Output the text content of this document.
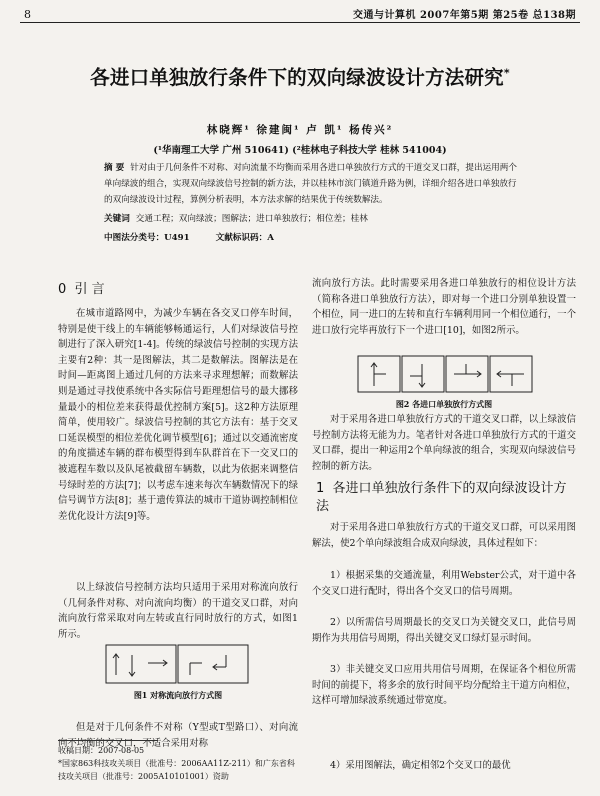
8	交通与计算机 2007年第5期 第25卷 总138期
各进口单独放行条件下的双向绿波设计方法研究*
林晓辉¹ 徐建闽¹ 卢 凯¹ 杨传兴²
(¹华南理工大学 广州 510641) (²桂林电子科技大学 桂林 541004)
摘 要 针对由于几何条件不对称、对向流量不均衡而采用各进口单独放行方式的干道交叉口群，提出运用两个单向绿波的组合，实现双向绿波信号控制的新方法，并以桂林市滨门镇道升路为例，详细介绍各进口单独放行的双向绿波设计过程，算例分析表明，本方法求解的结果优于传统数解法。
关键词 交通工程；双向绿波；图解法；进口单独放行；相位差；桂林
中图法分类号：U491	文献标识码：A
0 引 言
在城市道路网中，为减少车辆在各交叉口停车时间，特别是使干线上的车辆能够畅通运行，人们对绿波信号控制进行了深入研究[1-4]。传统的绿波信号控制的实现方法主要有2种：其一是图解法，其二是数解法。图解法是在时间—距离图上通过几何的方法来寻求理想解；而数解法则是通过寻找使系统中各实际信号距理想信号的最大挪移量最小的相位差来获得最优控制方案[5]。这2种方法原理简单，使用较广。绿波信号控制的其它方法有：基于交叉口延误模型的相位差优化调节模型[6]；通过以交通流密度的角度描述车辆的群布模型得到车队群首在下一交叉口的被遮程车数以及队尾被截留车辆数，以此为依据来调整信号绿时差的方法[7]；以考虑车速来每次车辆数情况下的绿信号调节方法[8]；基于遗传算法的城市干道协调控制相位差优化设计方法[9]等。
以上绿波信号控制方法均只适用于采用对称流向放行（几何条件对称、对向流向均衡）的干道交叉口群，对向流向放行常采取对向左转或直行同时放行的方式，如图1所示。
图1 对称流向放行方式图
但是对于几何条件不对称（Y型或T型路口）、对向流向不均衡的交叉口，不适合采用对称
流向放行方法。此时需要采用各进口单独放行的相位设计方法（简称各进口单独放行方法），即对每一个进口分别单独设置一个相位，同一进口的左转和直行车辆利用同一个相位通行，一个进口放行完毕再放行下一个进口[10]，如图2所示。
图2 各进口单独放行方式图
对于采用各进口单独放行方式的干道交叉口群，以上绿波信号控制方法将无能为力。笔者针对各进口单独放行方式的干道交叉口群，提出一种运用2个单向绿波的组合，实现双向绿波信号控制的新方法。
1 各进口单独放行条件下的双向绿波设计方法
对于采用各进口单独放行方式的干道交叉口群，可以采用图解法，使2个单向绿波组合成双向绿波，具体过程如下：
1）根据采集的交通流量，利用Webster公式，对干道中各个交叉口进行配时，得出各个交叉口的信号周期。
2）以所需信号周期最长的交叉口为关键交叉口，此信号周期作为共用信号周期，得出关键交叉口绿灯显示时间。
3）非关键交叉口应用共用信号周期，在保证各个相位所需时间的前提下，将多余的放行时间平均分配给主干道方向相位，这样可增加绿波系统通过带宽度。
4）采用图解法，确定相邻2个交叉口的最优
收稿日期：2007-08-05
*国家863科技攻关项目（批准号：2006AA11Z-211）和广东省科技攻关项目（批准号：2005A10101001）资助
